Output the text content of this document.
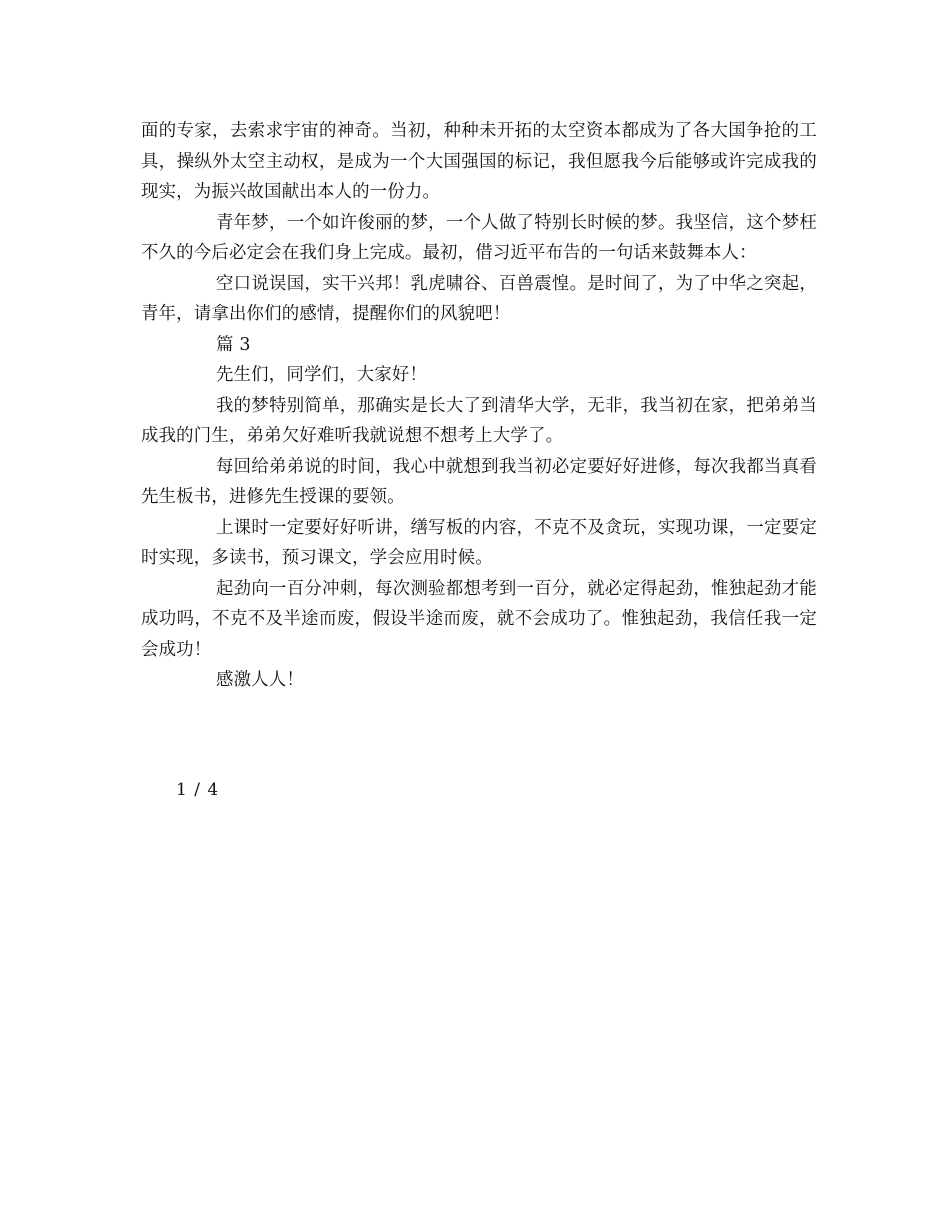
面的专家，去索求宇宙的神奇。当初，种种未开拓的太空资本都成为了各大国争抢的工具，操纵外太空主动权，是成为一个大国强国的标记，我但愿我今后能够或许完成我的现实，为振兴故国献出本人的一份力。

青年梦，一个如许俊丽的梦，一个人做了特别长时候的梦。我坚信，这个梦枉不久的今后必定会在我们身上完成。最初，借习近平布告的一句话来鼓舞本人：

空口说误国，实干兴邦！乳虎啸谷、百兽震惶。是时间了，为了中华之突起，青年，请拿出你们的感情，提醒你们的风貌吧！

篇 3

先生们，同学们，大家好！

我的梦特别简单，那确实是长大了到清华大学，无非，我当初在家，把弟弟当成我的门生，弟弟欠好难听我就说想不想考上大学了。

每回给弟弟说的时间，我心中就想到我当初必定要好好进修，每次我都当真看先生板书，进修先生授课的要领。

上课时一定要好好听讲，缮写板的内容，不克不及贪玩，实现功课，一定要定时实现，多读书，预习课文，学会应用时候。

起劲向一百分冲刺，每次测验都想考到一百分，就必定得起劲，惟独起劲才能成功吗，不克不及半途而废，假设半途而废，就不会成功了。惟独起劲，我信任我一定会成功！

感激人人！

1 / 4
